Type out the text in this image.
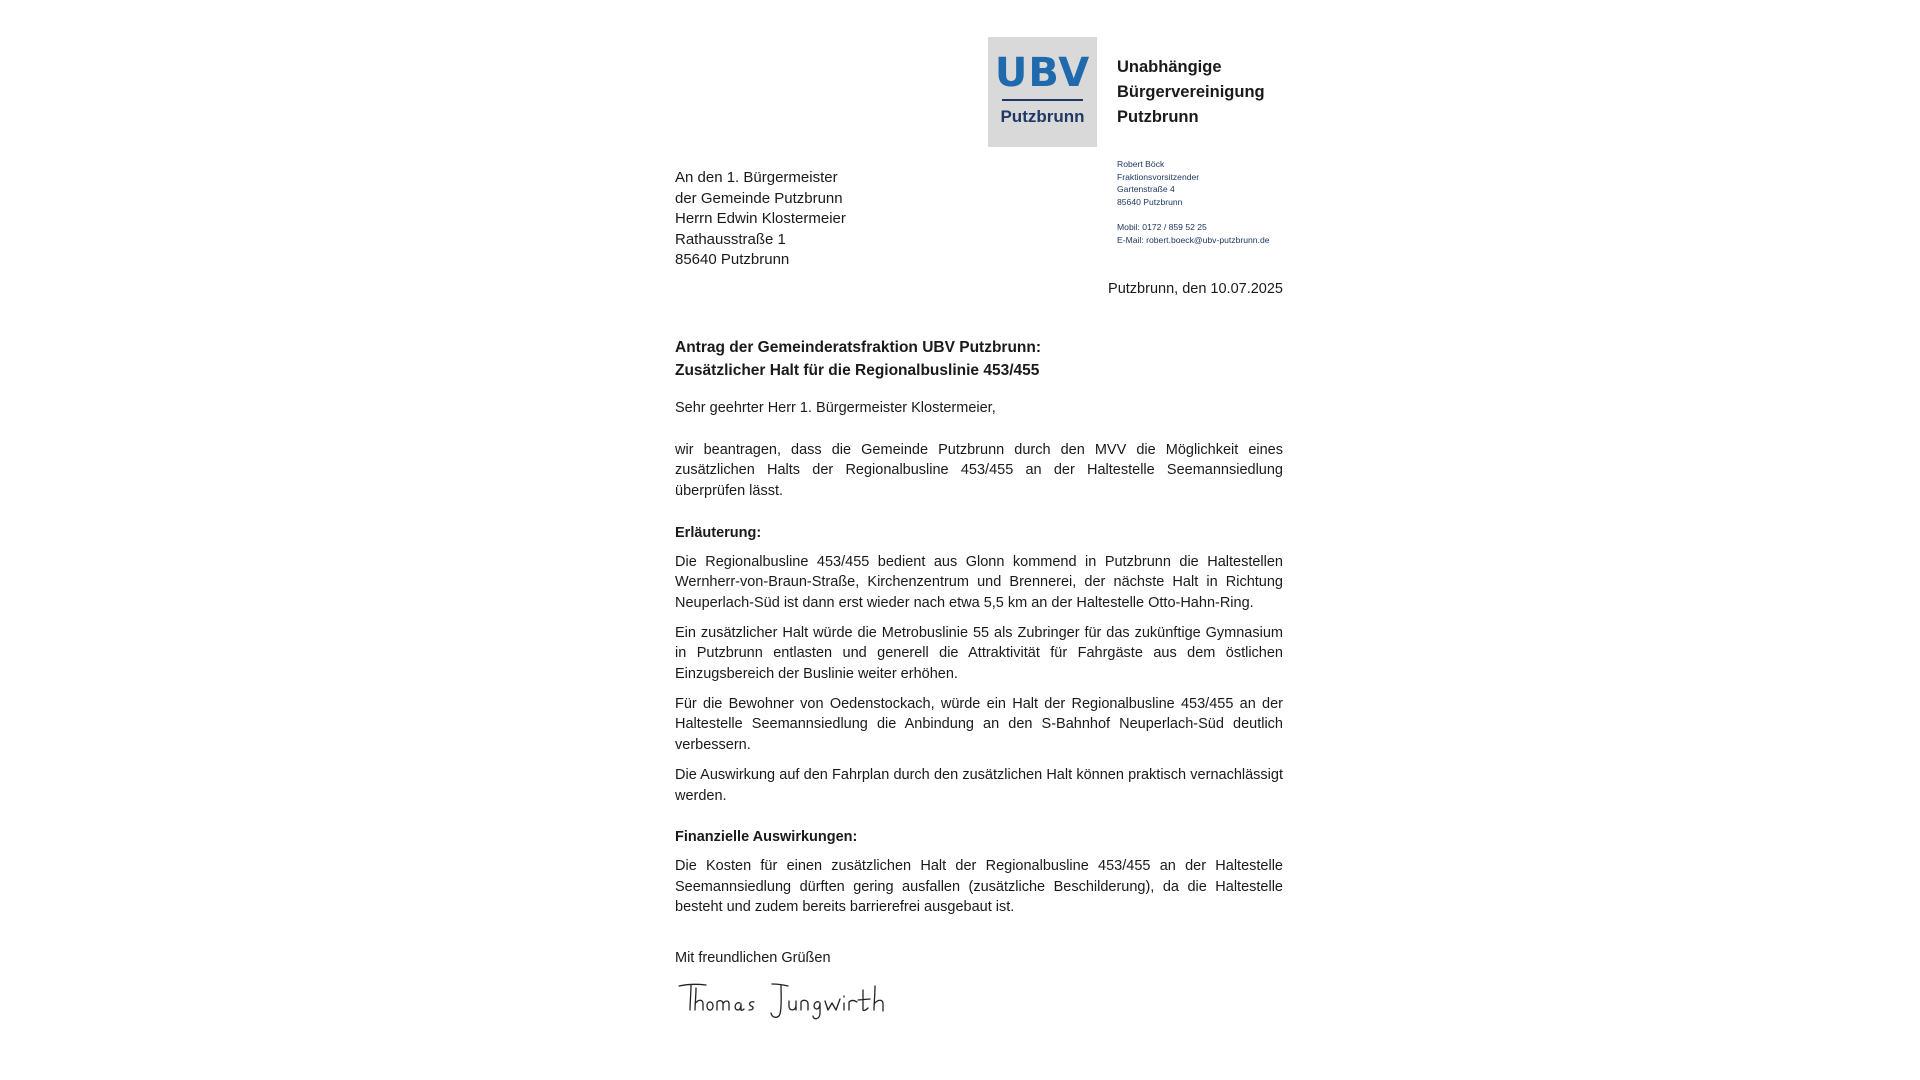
UBV
Putzbrunn
Unabhängige
Bürgervereinigung
Putzbrunn
Robert Böck
Fraktionsvorsitzender
Gartenstraße 4
85640 Putzbrunn
Mobil: 0172 / 859 52 25
E-Mail: robert.boeck@ubv-putzbrunn.de
An den 1. Bürgermeister
der Gemeinde Putzbrunn
Herrn Edwin Klostermeier
Rathausstraße 1
85640 Putzbrunn
Putzbrunn, den 10.07.2025
Antrag der Gemeinderatsfraktion UBV Putzbrunn:
Zusätzlicher Halt für die Regionalbuslinie 453/455
Sehr geehrter Herr 1. Bürgermeister Klostermeier,
wir beantragen, dass die Gemeinde Putzbrunn durch den MVV die Möglichkeit eines zusätzlichen Halts der Regionalbusline 453/455 an der Haltestelle Seemannsiedlung überprüfen lässt.
Erläuterung:
Die Regionalbusline 453/455 bedient aus Glonn kommend in Putzbrunn die Haltestellen Wernherr-von-Braun-Straße, Kirchenzentrum und Brennerei, der nächste Halt in Richtung Neuperlach-Süd ist dann erst wieder nach etwa 5,5 km an der Haltestelle Otto-Hahn-Ring.
Ein zusätzlicher Halt würde die Metrobuslinie 55 als Zubringer für das zukünftige Gymnasium in Putzbrunn entlasten und generell die Attraktivität für Fahrgäste aus dem östlichen Einzugsbereich der Buslinie weiter erhöhen.
Für die Bewohner von Oedenstockach, würde ein Halt der Regionalbusline 453/455 an der Haltestelle Seemannsiedlung die Anbindung an den S-Bahnhof Neuperlach-Süd deutlich verbessern.
Die Auswirkung auf den Fahrplan durch den zusätzlichen Halt können praktisch vernachlässigt werden.
Finanzielle Auswirkungen:
Die Kosten für einen zusätzlichen Halt der Regionalbusline 453/455 an der Haltestelle Seemannsiedlung dürften gering ausfallen (zusätzliche Beschilderung), da die Haltestelle besteht und zudem bereits barrierefrei ausgebaut ist.
Mit freundlichen Grüßen
